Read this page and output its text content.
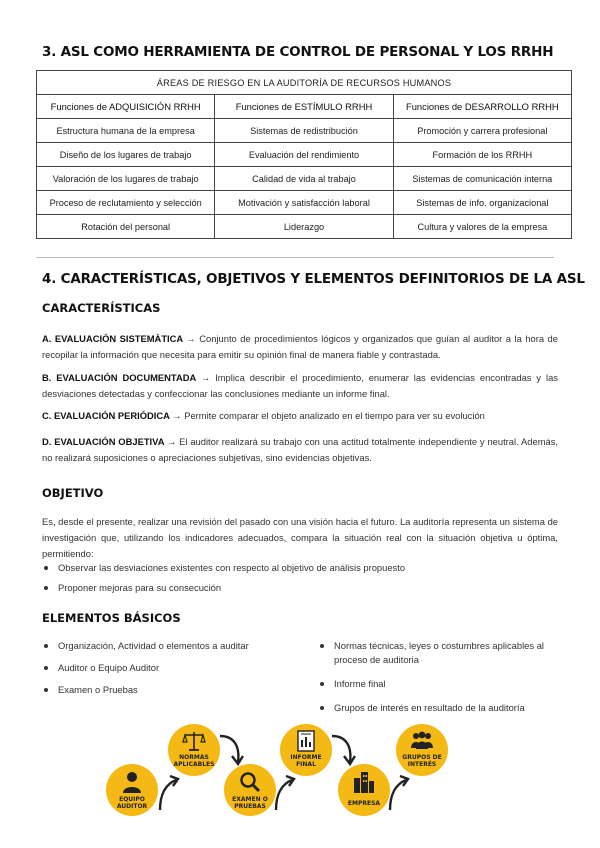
3. ASL COMO HERRAMIENTA DE CONTROL DE PERSONAL Y LOS RRHH
ÁREAS DE RIESGO EN LA AUDITORÍA DE RECURSOS HUMANOS		
Funciones de ADQUISICIÓN RRHH	Funciones de ESTÍMULO RRHH	Funciones de DESARROLLO RRHH
Estructura humana de la empresa	Sistemas de redistribución	Promoción y carrera profesional
Diseño de los lugares de trabajo	Evaluación del rendimiento	Formación de los RRHH
Valoración de los lugares de trabajo	Calidad de vida al trabajo	Sistemas de comunicación interna
Proceso de reclutamiento y selección	Motivación y satisfacción laboral	Sistemas de info. organizacional
Rotación del personal	Liderazgo	Cultura y valores de la empresa
4. CARACTERÍSTICAS, OBJETIVOS Y ELEMENTOS DEFINITORIOS DE LA ASL
CARACTERÍSTICAS
A. EVALUACIÓN SISTEMÀTICA → Conjunto de procedimientos lógicos y organizados que guían al auditor a la hora de recopilar la información que necesita para emitir su opinión final de manera fiable y contrastada.
B. EVALUACIÓN DOCUMENTADA → Implica describir el procedimiento, enumerar las evidencias encontradas y las desviaciones detectadas y confeccionar las conclusiones mediante un informe final.
C. EVALUACIÓN PERIÓDICA → Permite comparar el objeto analizado en el tiempo para ver su evolución
D. EVALUACIÓN OBJETIVA → El auditor realizará su trabajo con una actitud totalmente independiente y neutral. Además, no realizará suposiciones o apreciaciones subjetivas, sino evidencias objetivas.
OBJETIVO
Es, desde el presente, realizar una revisión del pasado con una visión hacia el futuro. La auditoría representa un sistema de investigación que, utilizando los indicadores adecuados, compara la situación real con la situación objetiva u óptima, permitiendo:
Observar las desviaciones existentes con respecto al objetivo de análisis propuesto
Proponer mejoras para su consecución
ELEMENTOS BÁSICOS
Organización, Actividad o elementos a auditar
Auditor o Equipo Auditor
Examen o Pruebas
Normas técnicas, leyes o costumbres aplicables al proceso de auditoria
Informe final
Grupos de interés en resultado de la auditoría
EQUIPO AUDITOR
NORMAS APLICABLES
EXAMEN O PRUEBAS
INFORME FINAL
EMPRESA
GRUPOS DE INTERÉS
